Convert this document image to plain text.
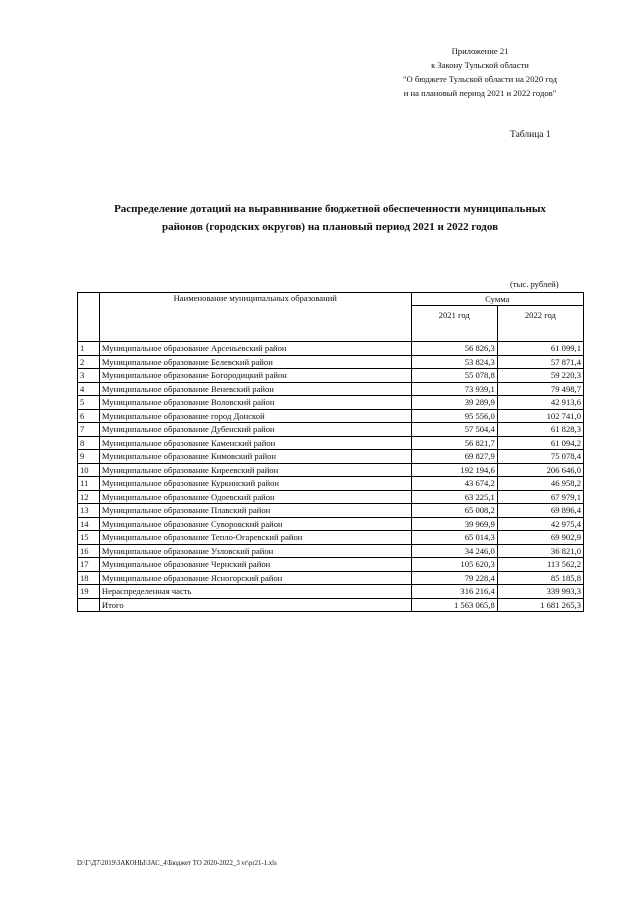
Приложение 21
к Закону Тульской области
"О бюджете Тульской области на 2020 год
и на плановый период 2021 и 2022 годов"
Таблица 1
Распределение дотаций на выравнивание бюджетной обеспеченности муниципальных
районов (городских округов) на плановый период 2021 и 2022 годов
(тыс. рублей)
	Наименование муниципальных образований	Сумма	
		2021 год	2022 год
1	Муниципальное образование Арсеньевский район	56 826,3	61 099,1
2	Муниципальное образование Белевский район	53 824,3	57 871,4
3	Муниципальное образование Богородицкий район	55 078,8	59 220,3
4	Муниципальное образование Веневский район	73 939,1	79 498,7
5	Муниципальное образование Воловский район	39 289,9	42 913,6
6	Муниципальное образование город Донской	95 556,0	102 741,0
7	Муниципальное образование Дубенский район	57 504,4	61 828,3
8	Муниципальное образование Каменский район	56 821,7	61 094,2
9	Муниципальное образование Кимовский район	69 827,9	75 078,4
10	Муниципальное образование Киреевский район	192 194,6	206 646,0
11	Муниципальное образование Куркинский район	43 674,2	46 958,2
12	Муниципальное образование Одоевский район	63 225,1	67 979,1
13	Муниципальное образование Плавский район	65 008,2	69 896,4
14	Муниципальное образование Суворовский район	39 969,9	42 975,4
15	Муниципальное образование Тепло-Огаревский район	65 014,3	69 902,9
16	Муниципальное образование Узловский район	34 246,0	36 821,0
17	Муниципальное образование Чернский район	105 620,3	113 562,2
18	Муниципальное образование Ясногорский район	79 228,4	85 185,8
19	Нераспределенная часть	316 216,4	339 993,3
	Итого	1 563 065,8	1 681 265,3
D:\Г\Д7\2019\ЗАКОНЫ\ЗАС_4\Бюджет ТО 2020-2022_3 vr\pr21-1.xls
